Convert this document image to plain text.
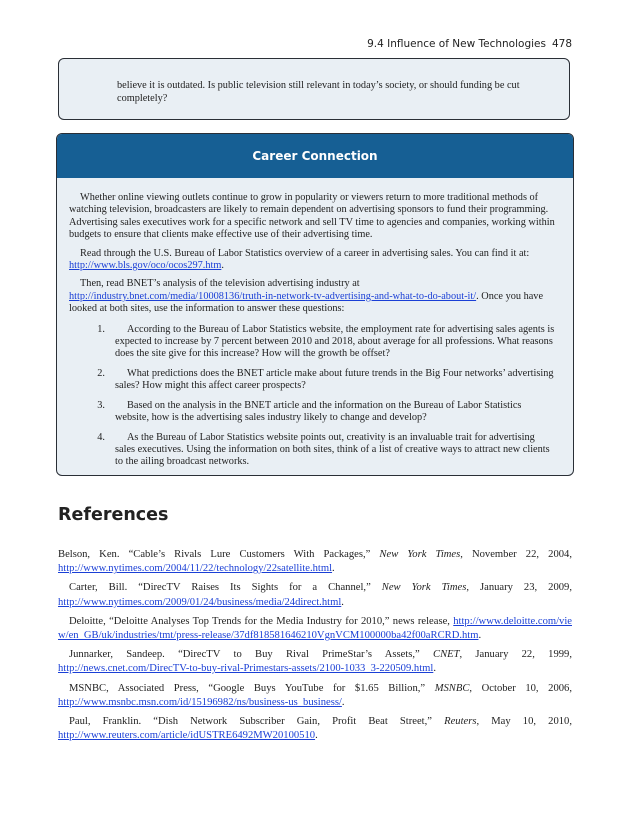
9.4 Influence of New Technologies 478

believe it is outdated. Is public television still relevant in today’s society, or should funding be cut completely?

Career Connection

Whether online viewing outlets continue to grow in popularity or viewers return to more traditional methods of watching television, broadcasters are likely to remain dependent on advertising sponsors to fund their programming. Advertising sales executives work for a specific network and sell TV time to agencies and companies, working within budgets to ensure that clients make effective use of their advertising time.

Read through the U.S. Bureau of Labor Statistics overview of a career in advertising sales. You can find it at: http://www.bls.gov/oco/ocos297.htm.

Then, read BNET’s analysis of the television advertising industry at http://industry.bnet.com/media/10008136/truth-in-network-tv-advertising-and-what-to-do-about-it/. Once you have looked at both sites, use the information to answer these questions:

1.	According to the Bureau of Labor Statistics website, the employment rate for advertising sales agents is expected to increase by 7 percent between 2010 and 2018, about average for all professions. What reasons does the site give for this increase? How will the growth be offset?
2.	What predictions does the BNET article make about future trends in the Big Four networks’ advertising sales? How might this affect career prospects?
3.	Based on the analysis in the BNET article and the information on the Bureau of Labor Statistics website, how is the advertising sales industry likely to change and develop?
4.	As the Bureau of Labor Statistics website points out, creativity is an invaluable trait for advertising sales executives. Using the information on both sites, think of a list of creative ways to attract new clients to the ailing broadcast networks.
References

Belson, Ken. “Cable’s Rivals Lure Customers With Packages,” New York Times, November 22, 2004, http://www.nytimes.com/2004/11/22/technology/22satellite.html.

Carter, Bill. “DirecTV Raises Its Sights for a Channel,” New York Times, January 23, 2009, http://www.nytimes.com/2009/01/24/business/media/24direct.html.

Deloitte, “Deloitte Analyses Top Trends for the Media Industry for 2010,” news release, http://www.deloitte.com/view/en_GB/uk/industries/tmt/press-release/37df818581646210VgnVCM100000ba42f00aRCRD.htm.

Junnarker, Sandeep. “DirecTV to Buy Rival PrimeStar’s Assets,” CNET, January 22, 1999, http://news.cnet.com/DirecTV-to-buy-rival-Primestars-assets/2100-1033_3-220509.html.

MSNBC, Associated Press, “Google Buys YouTube for $1.65 Billion,” MSNBC, October 10, 2006, http://www.msnbc.msn.com/id/15196982/ns/business-us_business/.

Paul, Franklin. “Dish Network Subscriber Gain, Profit Beat Street,” Reuters, May 10, 2010, http://www.reuters.com/article/idUSTRE6492MW20100510.
